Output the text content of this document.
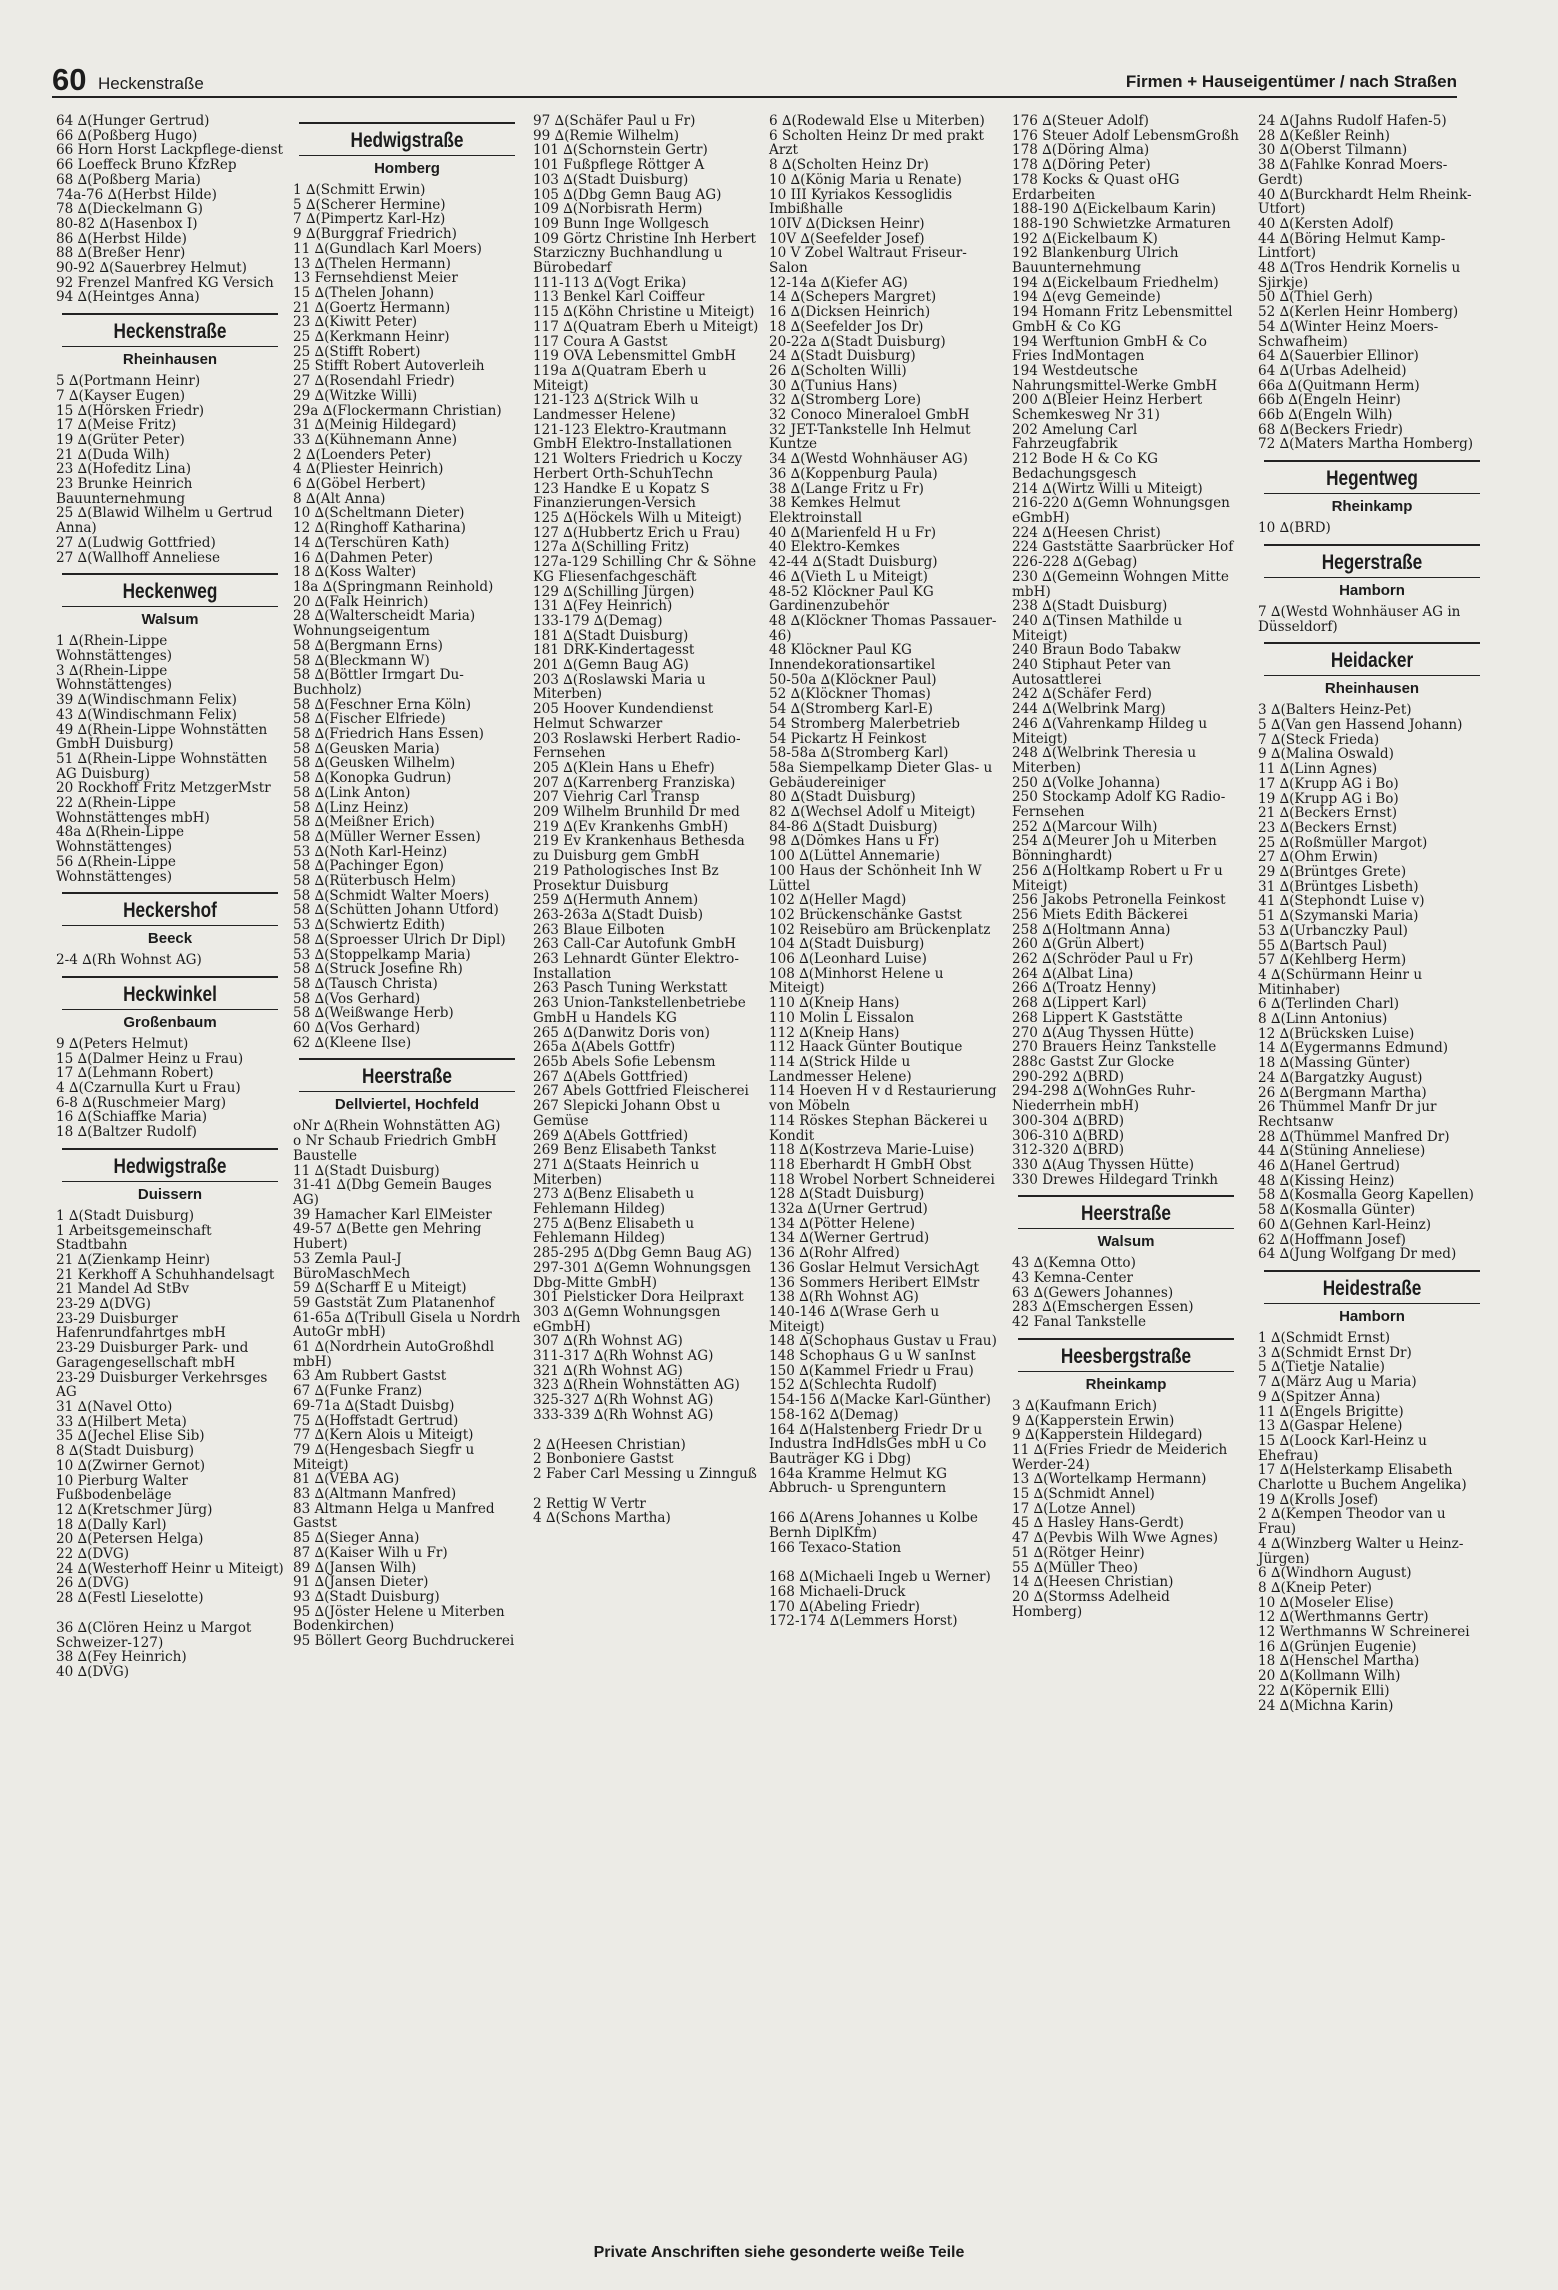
60 Heckenstraße	Firmen + Hauseigentümer / nach Straßen
64 ∆(Hunger Gertrud)
66 ∆(Poßberg Hugo)
66 Horn Horst Lackpflege-dienst
66 Loeffeck Bruno KfzRep
68 ∆(Poßberg Maria)
74a-76 ∆(Herbst Hilde)
78 ∆(Dieckelmann G)
80-82 ∆(Hasenbox I)
86 ∆(Herbst Hilde)
88 ∆(Breßer Henr)
90-92 ∆(Sauerbrey Helmut)
92 Frenzel Manfred KG Versich
94 ∆(Heintges Anna)
Heckenstraße
Rheinhausen
5 ∆(Portmann Heinr)
7 ∆(Kayser Eugen)
15 ∆(Hörsken Friedr)
17 ∆(Meise Fritz)
19 ∆(Grüter Peter)
21 ∆(Duda Wilh)
23 ∆(Hofeditz Lina)
23 Brunke Heinrich Bauunternehmung
25 ∆(Blawid Wilhelm u Gertrud Anna)
27 ∆(Ludwig Gottfried)
27 ∆(Wallhoff Anneliese
Heckenweg
Walsum
1 ∆(Rhein-Lippe Wohnstättenges)
3 ∆(Rhein-Lippe Wohnstättenges)
39 ∆(Windischmann Felix)
43 ∆(Windischmann Felix)
49 ∆(Rhein-Lippe Wohnstätten GmbH Duisburg)
51 ∆(Rhein-Lippe Wohnstätten AG Duisburg)
20 Rockhoff Fritz MetzgerMstr
22 ∆(Rhein-Lippe Wohnstättenges mbH)
48a ∆(Rhein-Lippe Wohnstättenges)
56 ∆(Rhein-Lippe Wohnstättenges)
Heckershof
Beeck
2-4 ∆(Rh Wohnst AG)
Heckwinkel
Großenbaum
9 ∆(Peters Helmut)
15 ∆(Dalmer Heinz u Frau)
17 ∆(Lehmann Robert)
4 ∆(Czarnulla Kurt u Frau)
6-8 ∆(Ruschmeier Marg)
16 ∆(Schiaffke Maria)
18 ∆(Baltzer Rudolf)
Hedwigstraße
Duissern
1 ∆(Stadt Duisburg)
1 Arbeitsgemeinschaft Stadtbahn
21 ∆(Zienkamp Heinr)
21 Kerkhoff A Schuhhandelsagt
21 Mandel Ad StBv
23-29 ∆(DVG)
23-29 Duisburger Hafenrundfahrtges mbH
23-29 Duisburger Park- und Garagengesellschaft mbH
23-29 Duisburger Verkehrsges AG
31 ∆(Navel Otto)
33 ∆(Hilbert Meta)
35 ∆(Jechel Elise Sib)
8 ∆(Stadt Duisburg)
10 ∆(Zwirner Gernot)
10 Pierburg Walter Fußbodenbeläge
12 ∆(Kretschmer Jürg)
18 ∆(Dally Karl)
20 ∆(Petersen Helga)
22 ∆(DVG)
24 ∆(Westerhoff Heinr u Miteigt)
26 ∆(DVG)
28 ∆(Festl Lieselotte)
36 ∆(Clören Heinz u Margot Schweizer-127)
38 ∆(Fey Heinrich)
40 ∆(DVG)
Hedwigstraße
Homberg
1 ∆(Schmitt Erwin)
5 ∆(Scherer Hermine)
7 ∆(Pimpertz Karl-Hz)
9 ∆(Burggraf Friedrich)
11 ∆(Gundlach Karl Moers)
13 ∆(Thelen Hermann)
13 Fernsehdienst Meier
15 ∆(Thelen Johann)
21 ∆(Goertz Hermann)
23 ∆(Kiwitt Peter)
25 ∆(Kerkmann Heinr)
25 ∆(Stifft Robert)
25 Stifft Robert Autoverleih
27 ∆(Rosendahl Friedr)
29 ∆(Witzke Willi)
29a ∆(Flockermann Christian)
31 ∆(Meinig Hildegard)
33 ∆(Kühnemann Anne)
2 ∆(Loenders Peter)
4 ∆(Pliester Heinrich)
6 ∆(Göbel Herbert)
8 ∆(Alt Anna)
10 ∆(Scheltmann Dieter)
12 ∆(Ringhoff Katharina)
14 ∆(Terschüren Kath)
16 ∆(Dahmen Peter)
18 ∆(Koss Walter)
18a ∆(Springmann Reinhold)
20 ∆(Falk Heinrich)
28 ∆(Walterscheidt Maria)
Wohnungseigentum
58 ∆(Bergmann Erns)
58 ∆(Bleckmann W)
58 ∆(Böttler Irmgart Du-Buchholz)
58 ∆(Feschner Erna Köln)
58 ∆(Fischer Elfriede)
58 ∆(Friedrich Hans Essen)
58 ∆(Geusken Maria)
58 ∆(Geusken Wilhelm)
58 ∆(Konopka Gudrun)
58 ∆(Link Anton)
58 ∆(Linz Heinz)
58 ∆(Meißner Erich)
58 ∆(Müller Werner Essen)
53 ∆(Noth Karl-Heinz)
58 ∆(Pachinger Egon)
58 ∆(Rüterbusch Helm)
58 ∆(Schmidt Walter Moers)
58 ∆(Schütten Johann Utford)
53 ∆(Schwiertz Edith)
58 ∆(Sproesser Ulrich Dr Dipl)
53 ∆(Stoppelkamp Maria)
58 ∆(Struck Josefine Rh)
58 ∆(Tausch Christa)
58 ∆(Vos Gerhard)
58 ∆(Weißwange Herb)
60 ∆(Vos Gerhard)
62 ∆(Kleene Ilse)
Heerstraße
Dellviertel, Hochfeld
oNr ∆(Rhein Wohnstätten AG)
o Nr Schaub Friedrich GmbH Baustelle
11 ∆(Stadt Duisburg)
31-41 ∆(Dbg Gemein Bauges AG)
39 Hamacher Karl ElMeister
49-57 ∆(Bette gen Mehring Hubert)
53 Zemla Paul-J BüroMaschMech
59 ∆(Scharff E u Miteigt)
59 Gaststät Zum Platanenhof
61-65a ∆(Tribull Gisela u Nordrh AutoGr mbH)
61 ∆(Nordrhein AutoGroßhdl mbH)
63 Am Rubbert Gastst
67 ∆(Funke Franz)
69-71a ∆(Stadt Duisbg)
75 ∆(Hoffstadt Gertrud)
77 ∆(Kern Alois u Miteigt)
79 ∆(Hengesbach Siegfr u Miteigt)
81 ∆(VEBA AG)
83 ∆(Altmann Manfred)
83 Altmann Helga u Manfred Gastst
85 ∆(Sieger Anna)
87 ∆(Kaiser Wilh u Fr)
89 ∆(Jansen Wilh)
91 ∆(Jansen Dieter)
93 ∆(Stadt Duisburg)
95 ∆(Jöster Helene u Miterben Bodenkirchen)
95 Böllert Georg Buchdruckerei
97 ∆(Schäfer Paul u Fr)
99 ∆(Remie Wilhelm)
101 ∆(Schornstein Gertr)
101 Fußpflege Röttger A
103 ∆(Stadt Duisburg)
105 ∆(Dbg Gemn Baug AG)
109 ∆(Norbisrath Herm)
109 Bunn Inge Wollgesch
109 Görtz Christine Inh Herbert Starziczny Buchhandlung u Bürobedarf
111-113 ∆(Vogt Erika)
113 Benkel Karl Coiffeur
115 ∆(Köhn Christine u Miteigt)
117 ∆(Quatram Eberh u Miteigt)
117 Coura A Gastst
119 OVA Lebensmittel GmbH
119a ∆(Quatram Eberh u Miteigt)
121-123 ∆(Strick Wilh u Landmesser Helene)
121-123 Elektro-Krautmann GmbH Elektro-Installationen
121 Wolters Friedrich u Koczy Herbert Orth-SchuhTechn
123 Handke E u Kopatz S Finanzierungen-Versich
125 ∆(Höckels Wilh u Miteigt)
127 ∆(Hubbertz Erich u Frau)
127a ∆(Schilling Fritz)
127a-129 Schilling Chr & Söhne KG Fliesenfachgeschäft
129 ∆(Schilling Jürgen)
131 ∆(Fey Heinrich)
133-179 ∆(Demag)
181 ∆(Stadt Duisburg)
181 DRK-Kindertagesst
201 ∆(Gemn Baug AG)
203 ∆(Roslawski Maria u Miterben)
205 Hoover Kundendienst Helmut Schwarzer
203 Roslawski Herbert Radio-Fernsehen
205 ∆(Klein Hans u Ehefr)
207 ∆(Karrenberg Franziska)
207 Viehrig Carl Transp
209 Wilhelm Brunhild Dr med
219 ∆(Ev Krankenhs GmbH)
219 Ev Krankenhaus Bethesda zu Duisburg gem GmbH
219 Pathologisches Inst Bz Prosektur Duisburg
259 ∆(Hermuth Annem)
263-263a ∆(Stadt Duisb)
263 Blaue Eilboten
263 Call-Car Autofunk GmbH
263 Lehnardt Günter Elektro-Installation
263 Pasch Tuning Werkstatt
263 Union-Tankstellenbetriebe GmbH u Handels KG
265 ∆(Danwitz Doris von)
265a ∆(Abels Gottfr)
265b Abels Sofie Lebensm
267 ∆(Abels Gottfried)
267 Abels Gottfried Fleischerei
267 Slepicki Johann Obst u Gemüse
269 ∆(Abels Gottfried)
269 Benz Elisabeth Tankst
271 ∆(Staats Heinrich u Miterben)
273 ∆(Benz Elisabeth u Fehlemann Hildeg)
275 ∆(Benz Elisabeth u Fehlemann Hildeg)
285-295 ∆(Dbg Gemn Baug AG)
297-301 ∆(Gemn Wohnungsgen Dbg-Mitte GmbH)
301 Pielsticker Dora Heilpraxt
303 ∆(Gemn Wohnungsgen eGmbH)
307 ∆(Rh Wohnst AG)
311-317 ∆(Rh Wohnst AG)
321 ∆(Rh Wohnst AG)
323 ∆(Rhein Wohnstätten AG)
325-327 ∆(Rh Wohnst AG)
333-339 ∆(Rh Wohnst AG)
2 ∆(Heesen Christian)
2 Bonboniere Gastst
2 Faber Carl Messing u Zinnguß
2 Rettig W Vertr
4 ∆(Schons Martha)
6 ∆(Rodewald Else u Miterben)
6 Scholten Heinz Dr med prakt Arzt
8 ∆(Scholten Heinz Dr)
10 ∆(König Maria u Renate)
10 III Kyriakos Kessoglidis Imbißhalle
10IV ∆(Dicksen Heinr)
10V ∆(Seefelder Josef)
10 V Zobel Waltraut Friseur-Salon
12-14a ∆(Kiefer AG)
14 ∆(Schepers Margret)
16 ∆(Dicksen Heinrich)
18 ∆(Seefelder Jos Dr)
20-22a ∆(Stadt Duisburg)
24 ∆(Stadt Duisburg)
26 ∆(Scholten Willi)
30 ∆(Tunius Hans)
32 ∆(Stromberg Lore)
32 Conoco Mineraloel GmbH
32 JET-Tankstelle Inh Helmut Kuntze
34 ∆(Westd Wohnhäuser AG)
36 ∆(Koppenburg Paula)
38 ∆(Lange Fritz u Fr)
38 Kemkes Helmut Elektroinstall
40 ∆(Marienfeld H u Fr)
40 Elektro-Kemkes
42-44 ∆(Stadt Duisburg)
46 ∆(Vieth L u Miteigt)
48-52 Klöckner Paul KG Gardinenzubehör
48 ∆(Klöckner Thomas Passauer-46)
48 Klöckner Paul KG Innendekorationsartikel
50-50a ∆(Klöckner Paul)
52 ∆(Klöckner Thomas)
54 ∆(Stromberg Karl-E)
54 Stromberg Malerbetrieb
54 Pickartz H Feinkost
58-58a ∆(Stromberg Karl)
58a Siempelkamp Dieter Glas- u Gebäudereiniger
80 ∆(Stadt Duisburg)
82 ∆(Wechsel Adolf u Miteigt)
84-86 ∆(Stadt Duisburg)
98 ∆(Dömkes Hans u Fr)
100 ∆(Lüttel Annemarie)
100 Haus der Schönheit Inh W Lüttel
102 ∆(Heller Magd)
102 Brückenschänke Gastst
102 Reisebüro am Brückenplatz
104 ∆(Stadt Duisburg)
106 ∆(Leonhard Luise)
108 ∆(Minhorst Helene u Miteigt)
110 ∆(Kneip Hans)
110 Molin L Eissalon
112 ∆(Kneip Hans)
112 Haack Günter Boutique
114 ∆(Strick Hilde u Landmesser Helene)
114 Hoeven H v d Restaurierung von Möbeln
114 Röskes Stephan Bäckerei u Kondit
118 ∆(Kostrzeva Marie-Luise)
118 Eberhardt H GmbH Obst
118 Wrobel Norbert Schneiderei
128 ∆(Stadt Duisburg)
132a ∆(Urner Gertrud)
134 ∆(Pötter Helene)
134 ∆(Werner Gertrud)
136 ∆(Rohr Alfred)
136 Goslar Helmut VersichAgt
136 Sommers Heribert ElMstr
138 ∆(Rh Wohnst AG)
140-146 ∆(Wrase Gerh u Miteigt)
148 ∆(Schophaus Gustav u Frau)
148 Schophaus G u W sanInst
150 ∆(Kammel Friedr u Frau)
152 ∆(Schlechta Rudolf)
154-156 ∆(Macke Karl-Günther)
158-162 ∆(Demag)
164 ∆(Halstenberg Friedr Dr u Industra IndHdlsGes mbH u Co Bauträger KG i Dbg)
164a Kramme Helmut KG Abbruch- u Sprenguntern
166 ∆(Arens Johannes u Kolbe Bernh DiplKfm)
166 Texaco-Station
168 ∆(Michaeli Ingeb u Werner)
168 Michaeli-Druck
170 ∆(Abeling Friedr)
172-174 ∆(Lemmers Horst)
176 ∆(Steuer Adolf)
176 Steuer Adolf LebensmGroßh
178 ∆(Döring Alma)
178 ∆(Döring Peter)
178 Kocks & Quast oHG Erdarbeiten
188-190 ∆(Eickelbaum Karin)
188-190 Schwietzke Armaturen
192 ∆(Eickelbaum K)
192 Blankenburg Ulrich Bauunternehmung
194 ∆(Eickelbaum Friedhelm)
194 ∆(evg Gemeinde)
194 Homann Fritz Lebensmittel GmbH & Co KG
194 Werftunion GmbH & Co Fries IndMontagen
194 Westdeutsche Nahrungsmittel-Werke GmbH
200 ∆(Bleier Heinz Herbert Schemkesweg Nr 31)
202 Amelung Carl Fahrzeugfabrik
212 Bode H & Co KG Bedachungsgesch
214 ∆(Wirtz Willi u Miteigt)
216-220 ∆(Gemn Wohnungsgen eGmbH)
224 ∆(Heesen Christ)
224 Gaststätte Saarbrücker Hof
226-228 ∆(Gebag)
230 ∆(Gemeinn Wohngen Mitte mbH)
238 ∆(Stadt Duisburg)
240 ∆(Tinsen Mathilde u Miteigt)
240 Braun Bodo Tabakw
240 Stiphaut Peter van Autosattlerei
242 ∆(Schäfer Ferd)
244 ∆(Welbrink Marg)
246 ∆(Vahrenkamp Hildeg u Miteigt)
248 ∆(Welbrink Theresia u Miterben)
250 ∆(Volke Johanna)
250 Stockamp Adolf KG Radio-Fernsehen
252 ∆(Marcour Wilh)
254 ∆(Meurer Joh u Miterben Bönninghardt)
256 ∆(Holtkamp Robert u Fr u Miteigt)
256 Jakobs Petronella Feinkost
256 Miets Edith Bäckerei
258 ∆(Holtmann Anna)
260 ∆(Grün Albert)
262 ∆(Schröder Paul u Fr)
264 ∆(Albat Lina)
266 ∆(Troatz Henny)
268 ∆(Lippert Karl)
268 Lippert K Gaststätte
270 ∆(Aug Thyssen Hütte)
270 Brauers Heinz Tankstelle
288c Gastst Zur Glocke
290-292 ∆(BRD)
294-298 ∆(WohnGes Ruhr-Niederrhein mbH)
300-304 ∆(BRD)
306-310 ∆(BRD)
312-320 ∆(BRD)
330 ∆(Aug Thyssen Hütte)
330 Drewes Hildegard Trinkh
Heerstraße
Walsum
43 ∆(Kemna Otto)
43 Kemna-Center
63 ∆(Gewers Johannes)
283 ∆(Emschergen Essen)
42 Fanal Tankstelle
Heesbergstraße
Rheinkamp
3 ∆(Kaufmann Erich)
9 ∆(Kapperstein Erwin)
9 ∆(Kapperstein Hildegard)
11 ∆(Fries Friedr de Meiderich Werder-24)
13 ∆(Wortelkamp Hermann)
15 ∆(Schmidt Annel)
17 ∆(Lotze Annel)
45 ∆ Hasley Hans-Gerdt)
47 ∆(Pevbis Wilh Wwe Agnes)
51 ∆(Rötger Heinr)
55 ∆(Müller Theo)
14 ∆(Heesen Christian)
20 ∆(Stormss Adelheid Homberg)
24 ∆(Jahns Rudolf Hafen-5)
28 ∆(Keßler Reinh)
30 ∆(Oberst Tilmann)
38 ∆(Fahlke Konrad Moers-Gerdt)
40 ∆(Burckhardt Helm Rheink-Utfort)
40 ∆(Kersten Adolf)
44 ∆(Böring Helmut Kamp-Lintfort)
48 ∆(Tros Hendrik Kornelis u Sjirkje)
50 ∆(Thiel Gerh)
52 ∆(Kerlen Heinr Homberg)
54 ∆(Winter Heinz Moers-Schwafheim)
64 ∆(Sauerbier Ellinor)
64 ∆(Urbas Adelheid)
66a ∆(Quitmann Herm)
66b ∆(Engeln Heinr)
66b ∆(Engeln Wilh)
68 ∆(Beckers Friedr)
72 ∆(Maters Martha Homberg)
Hegentweg
Rheinkamp
10 ∆(BRD)
Hegerstraße
Hamborn
7 ∆(Westd Wohnhäuser AG in Düsseldorf)
Heidacker
Rheinhausen
3 ∆(Balters Heinz-Pet)
5 ∆(Van gen Hassend Johann)
7 ∆(Steck Frieda)
9 ∆(Malina Oswald)
11 ∆(Linn Agnes)
17 ∆(Krupp AG i Bo)
19 ∆(Krupp AG i Bo)
21 ∆(Beckers Ernst)
23 ∆(Beckers Ernst)
25 ∆(Roßmüller Margot)
27 ∆(Ohm Erwin)
29 ∆(Brüntges Grete)
31 ∆(Brüntges Lisbeth)
41 ∆(Stephondt Luise v)
51 ∆(Szymanski Maria)
53 ∆(Urbanczky Paul)
55 ∆(Bartsch Paul)
57 ∆(Kehlberg Herm)
4 ∆(Schürmann Heinr u Mitinhaber)
6 ∆(Terlinden Charl)
8 ∆(Linn Antonius)
12 ∆(Brücksken Luise)
14 ∆(Eygermanns Edmund)
18 ∆(Massing Günter)
24 ∆(Bargatzky August)
26 ∆(Bergmann Martha)
26 Thümmel Manfr Dr jur Rechtsanw
28 ∆(Thümmel Manfred Dr)
44 ∆(Stüning Anneliese)
46 ∆(Hanel Gertrud)
48 ∆(Kissing Heinz)
58 ∆(Kosmalla Georg Kapellen)
58 ∆(Kosmalla Günter)
60 ∆(Gehnen Karl-Heinz)
62 ∆(Hoffmann Josef)
64 ∆(Jung Wolfgang Dr med)
Heidestraße
Hamborn
1 ∆(Schmidt Ernst)
3 ∆(Schmidt Ernst Dr)
5 ∆(Tietje Natalie)
7 ∆(März Aug u Maria)
9 ∆(Spitzer Anna)
11 ∆(Engels Brigitte)
13 ∆(Gaspar Helene)
15 ∆(Loock Karl-Heinz u Ehefrau)
17 ∆(Helsterkamp Elisabeth Charlotte u Buchem Angelika)
19 ∆(Krolls Josef)
2 ∆(Kempen Theodor van u Frau)
4 ∆(Winzberg Walter u Heinz-Jürgen)
6 ∆(Windhorn August)
8 ∆(Kneip Peter)
10 ∆(Moseler Elise)
12 ∆(Werthmanns Gertr)
12 Werthmanns W Schreinerei
16 ∆(Grünjen Eugenie)
18 ∆(Henschel Martha)
20 ∆(Kollmann Wilh)
22 ∆(Köpernik Elli)
24 ∆(Michna Karin)
Private Anschriften siehe gesonderte weiße Teile
